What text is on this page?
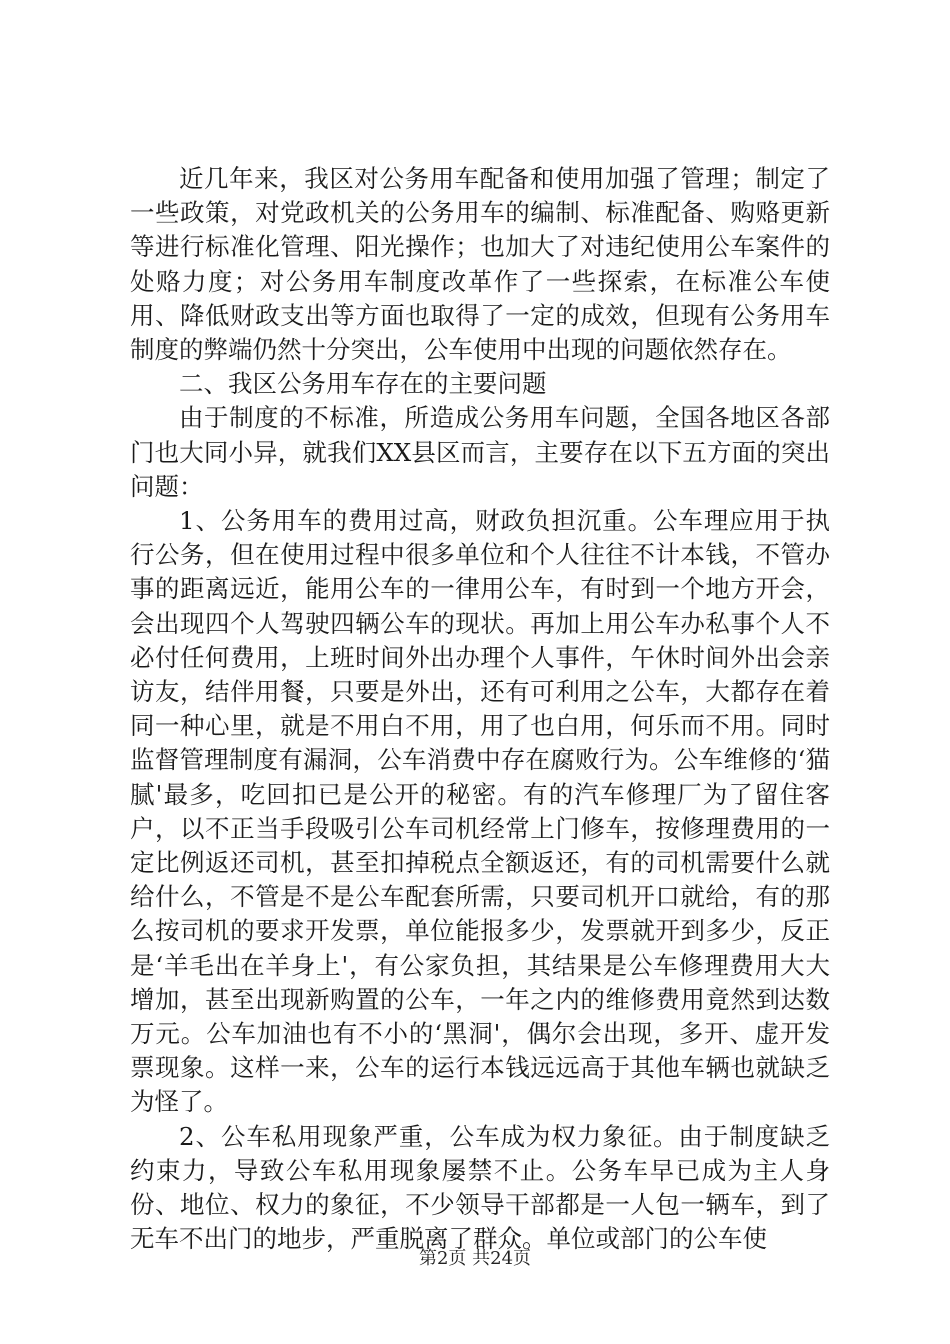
近几年来，我区对公务用车配备和使用加强了管理；制定了一些政策，对党政机关的公务用车的编制、标准配备、购赂更新等进行标准化管理、阳光操作；也加大了对违纪使用公车案件的处赂力度；对公务用车制度改革作了一些探索，在标准公车使用、降低财政支出等方面也取得了一定的成效，但现有公务用车制度的弊端仍然十分突出，公车使用中出现的问题依然存在。

二、我区公务用车存在的主要问题

由于制度的不标准，所造成公务用车问题，全国各地区各部门也大同小异，就我们XX县区而言，主要存在以下五方面的突出问题：

1、公务用车的费用过高，财政负担沉重。公车理应用于执行公务，但在使用过程中很多单位和个人往往不计本钱，不管办事的距离远近，能用公车的一律用公车，有时到一个地方开会，会出现四个人驾驶四辆公车的现状。再加上用公车办私事个人不必付任何费用，上班时间外出办理个人事件，午休时间外出会亲访友，结伴用餐，只要是外出，还有可利用之公车，大都存在着同一种心里，就是不用白不用，用了也白用，何乐而不用。同时监督管理制度有漏洞，公车消费中存在腐败行为。公车维修的‘猫腻'最多，吃回扣已是公开的秘密。有的汽车修理厂为了留住客户，以不正当手段吸引公车司机经常上门修车，按修理费用的一定比例返还司机，甚至扣掉税点全额返还，有的司机需要什么就给什么，不管是不是公车配套所需，只要司机开口就给，有的那么按司机的要求开发票，单位能报多少，发票就开到多少，反正是‘羊毛出在羊身上'，有公家负担，其结果是公车修理费用大大增加，甚至出现新购置的公车，一年之内的维修费用竟然到达数万元。公车加油也有不小的‘黑洞'，偶尔会出现，多开、虚开发票现象。这样一来，公车的运行本钱远远高于其他车辆也就缺乏为怪了。

2、公车私用现象严重，公车成为权力象征。由于制度缺乏约束力，导致公车私用现象屡禁不止。公务车早已成为主人身份、地位、权力的象征，不少领导干部都是一人包一辆车，到了无车不出门的地步，严重脱离了群众。单位或部门的公车使

第2页 共24页
